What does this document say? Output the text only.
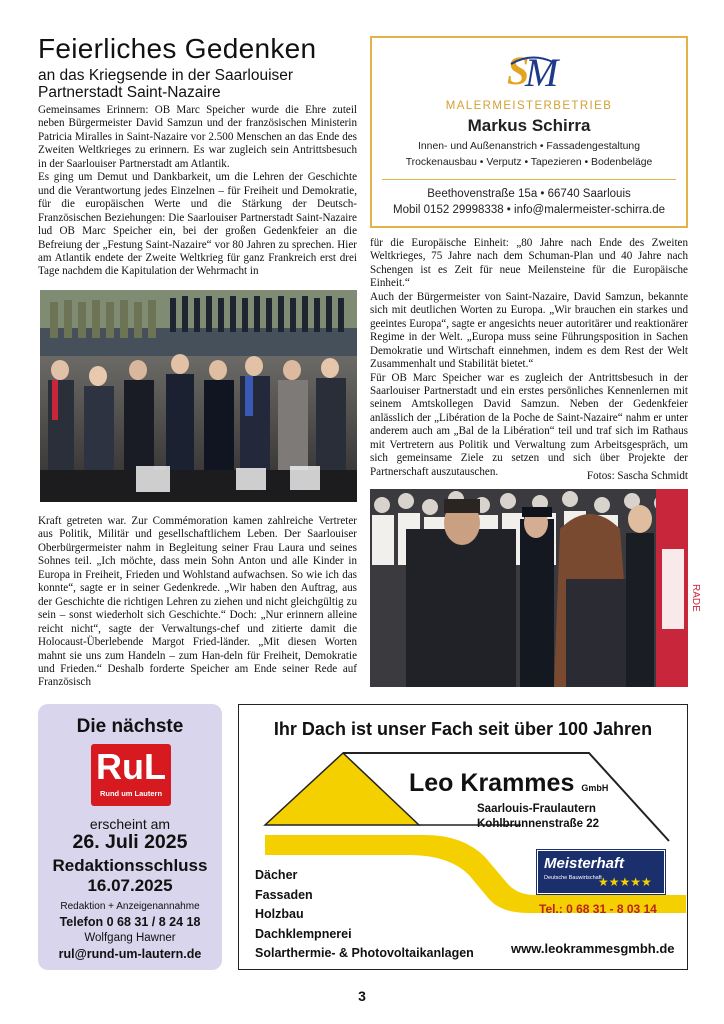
Feierliches Gedenken
an das Kriegsende in der Saarlouiser
Partnerstadt Saint-Nazaire

Gemeinsames Erinnern: OB Marc Speicher wurde die Ehre zuteil neben Bürgermeister David Samzun und der französischen Ministerin Patricia Miralles in Saint-Nazaire vor 2.500 Menschen an das Ende des Zweiten Weltkrieges zu erinnern. Es war zugleich sein Antrittsbesuch in der Saarlouiser Partnerstadt am Atlantik.

Es ging um Demut und Dankbarkeit, um die Lehren der Geschichte und die Verantwortung jedes Einzelnen – für Freiheit und Demokratie, für die europäischen Werte und die Stärkung der Deutsch-Französischen Beziehungen: Die Saarlouiser Partnerstadt Saint-Nazaire lud OB Marc Speicher ein, bei der großen Gedenkfeier an die Befreiung der „Festung Saint-Nazaire“ vor 80 Jahren zu sprechen. Hier am Atlantik endete der Zweite Weltkrieg für ganz Frankreich erst drei Tage nachdem die Kapitulation der Wehrmacht in

Kraft getreten war. Zur Commémoration kamen zahlreiche Vertreter aus Politik, Militär und gesellschaftlichem Leben. Der Saarlouiser Oberbürgermeister nahm in Begleitung seiner Frau Laura und seines Sohnes teil. „Ich möchte, dass mein Sohn Anton und alle Kinder in Europa in Freiheit, Frieden und Wohlstand aufwachsen. So wie ich das konnte“, sagte er in seiner Gedenkrede. „Wir haben den Auftrag, aus der Geschichte die richtigen Lehren zu ziehen und nicht gleichgültig zu sein – sonst wiederholt sich Geschichte.“ Doch: „Nur erinnern alleine reicht nicht“, sagte der Verwaltungs-chef und zitierte damit die Holocaust-Überlebende Margot Fried-länder. „Mit diesen Worten mahnt sie uns zum Handeln – zum Han-deln für Freiheit, Demokratie und Frieden.“ Deshalb forderte Speicher am Ende seiner Rede auf Französisch

S
M
MALERMEISTERBETRIEB
Markus Schirra
Innen- und Außenanstrich • Fassadengestaltung
Trockenausbau • Verputz • Tapezieren • Bodenbeläge
Beethovenstraße 15a • 66740 Saarlouis
Mobil 0152 29998338 • info@malermeister-schirra.de

für die Europäische Einheit: „80 Jahre nach Ende des Zweiten Weltkrieges, 75 Jahre nach dem Schuman-Plan und 40 Jahre nach Schengen ist es Zeit für neue Meilensteine für die Europäische Einheit.“

Auch der Bürgermeister von Saint-Nazaire, David Samzun, bekannte sich mit deutlichen Worten zu Europa. „Wir brauchen ein starkes und geeintes Europa“, sagte er angesichts neuer autoritärer und reaktionärer Regime in der Welt. „Europa muss seine Führungsposition in Sachen Demokratie und Wirtschaft einnehmen, indem es dem Rest der Welt Zusammenhalt und Stabilität bietet.“

Für OB Marc Speicher war es zugleich der Antrittsbesuch in der Saarlouiser Partnerstadt und ein erstes persönliches Kennenlernen mit seinem Amtskollegen David Samzun. Neben der Gedenkfeier anlässlich der „Libération de la Poche de Saint-Nazaire“ nahm er unter anderem auch am „Bal de la Libération“ teil und traf sich im Rathaus mit Vertretern aus Politik und Verwaltung zum Arbeitsgespräch, um sich gemeinsame Ziele zu setzen und sich über Projekte der Partnerschaft auszutauschen.	Fotos: Sascha Schmidt
RADE
Die nächste
RuL
Rund um Lautern
erscheint am
26. Juli 2025
Redaktionsschluss
16.07.2025
Redaktion + Anzeigenannahme
Telefon 0 68 31 / 8 24 18
Wolfgang Hawner
rul@rund-um-lautern.de
Ihr Dach ist unser Fach seit über 100 Jahren
Leo Krammes GmbH
Saarlouis-Fraulautern
Kohlbrunnenstraße 22
Meisterhaft
Deutsche Bauwirtschaft
★★★★★
Tel.: 0 68 31 - 8 03 14
Dächer
Fassaden
Holzbau
Dachklempnerei
Solarthermie- & Photovoltaikanlagen	www.leokrammesgmbh.de
3
